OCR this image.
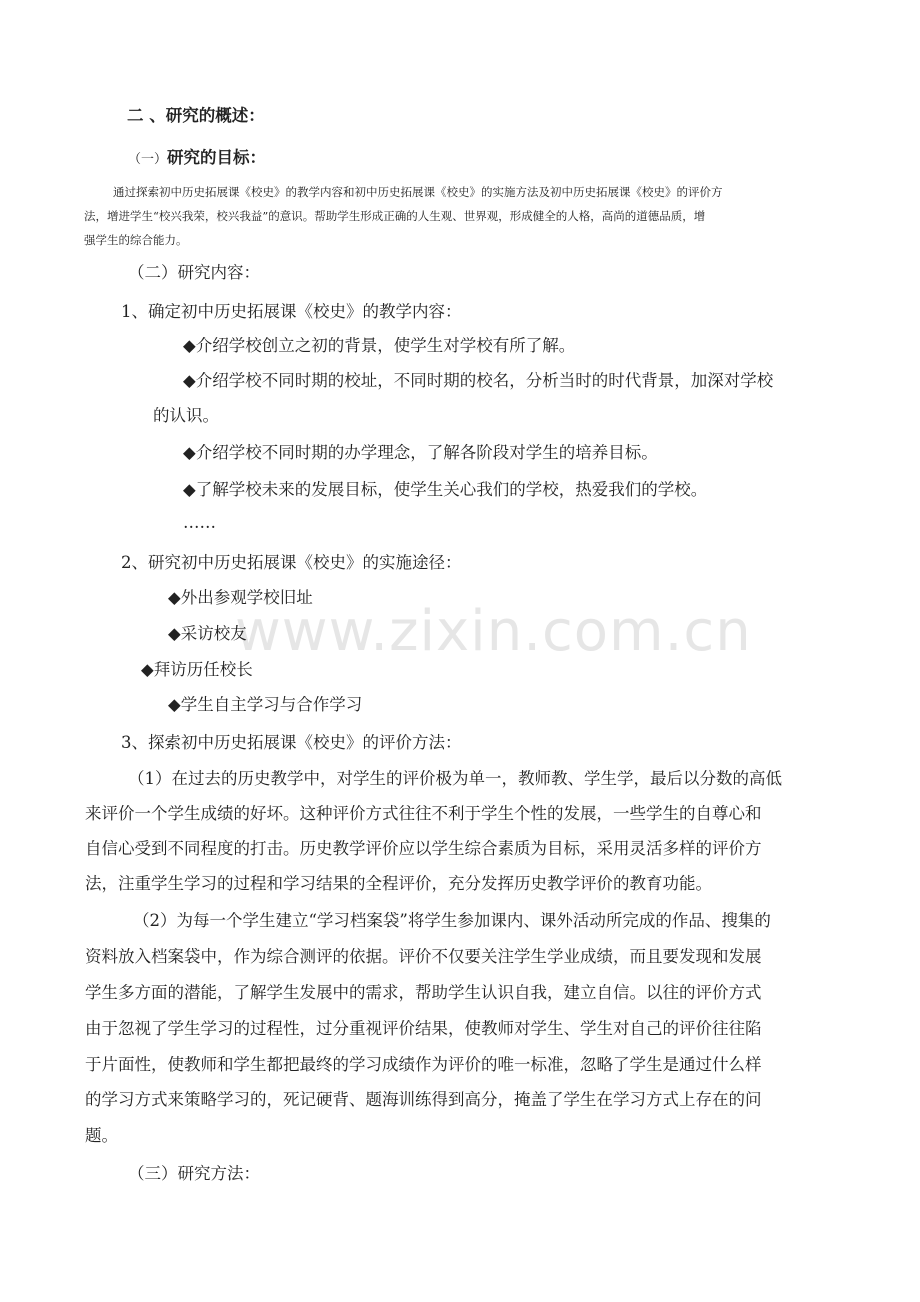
www.zixin.com.cn
二 、研究的概述：
（一）研究的目标：
通过探索初中历史拓展课《校史》的教学内容和初中历史拓展课《校史》的实施方法及初中历史拓展课《校史》的评价方
法，增进学生“校兴我荣，校兴我益”的意识。帮助学生形成正确的人生观、世界观，形成健全的人格，高尚的道德品质，增
强学生的综合能力。
（二）研究内容：
1、确定初中历史拓展课《校史》的教学内容：
◆介绍学校创立之初的背景，使学生对学校有所了解。
◆介绍学校不同时期的校址，不同时期的校名，分析当时的时代背景，加深对学校
的认识。
◆介绍学校不同时期的办学理念，了解各阶段对学生的培养目标。
◆了解学校未来的发展目标，使学生关心我们的学校，热爱我们的学校。
……
2、研究初中历史拓展课《校史》的实施途径：
◆外出参观学校旧址
◆采访校友
◆拜访历任校长
◆学生自主学习与合作学习
3、探索初中历史拓展课《校史》的评价方法：
（1）在过去的历史教学中，对学生的评价极为单一，教师教、学生学，最后以分数的高低
来评价一个学生成绩的好坏。这种评价方式往往不利于学生个性的发展，一些学生的自尊心和
自信心受到不同程度的打击。历史教学评价应以学生综合素质为目标，采用灵活多样的评价方
法，注重学生学习的过程和学习结果的全程评价，充分发挥历史教学评价的教育功能。
（2）为每一个学生建立“学习档案袋”将学生参加课内、课外活动所完成的作品、搜集的
资料放入档案袋中，作为综合测评的依据。评价不仅要关注学生学业成绩，而且要发现和发展
学生多方面的潜能，了解学生发展中的需求，帮助学生认识自我，建立自信。以往的评价方式
由于忽视了学生学习的过程性，过分重视评价结果，使教师对学生、学生对自己的评价往往陷
于片面性，使教师和学生都把最终的学习成绩作为评价的唯一标准，忽略了学生是通过什么样
的学习方式来策略学习的，死记硬背、题海训练得到高分，掩盖了学生在学习方式上存在的问
题。
（三）研究方法：
